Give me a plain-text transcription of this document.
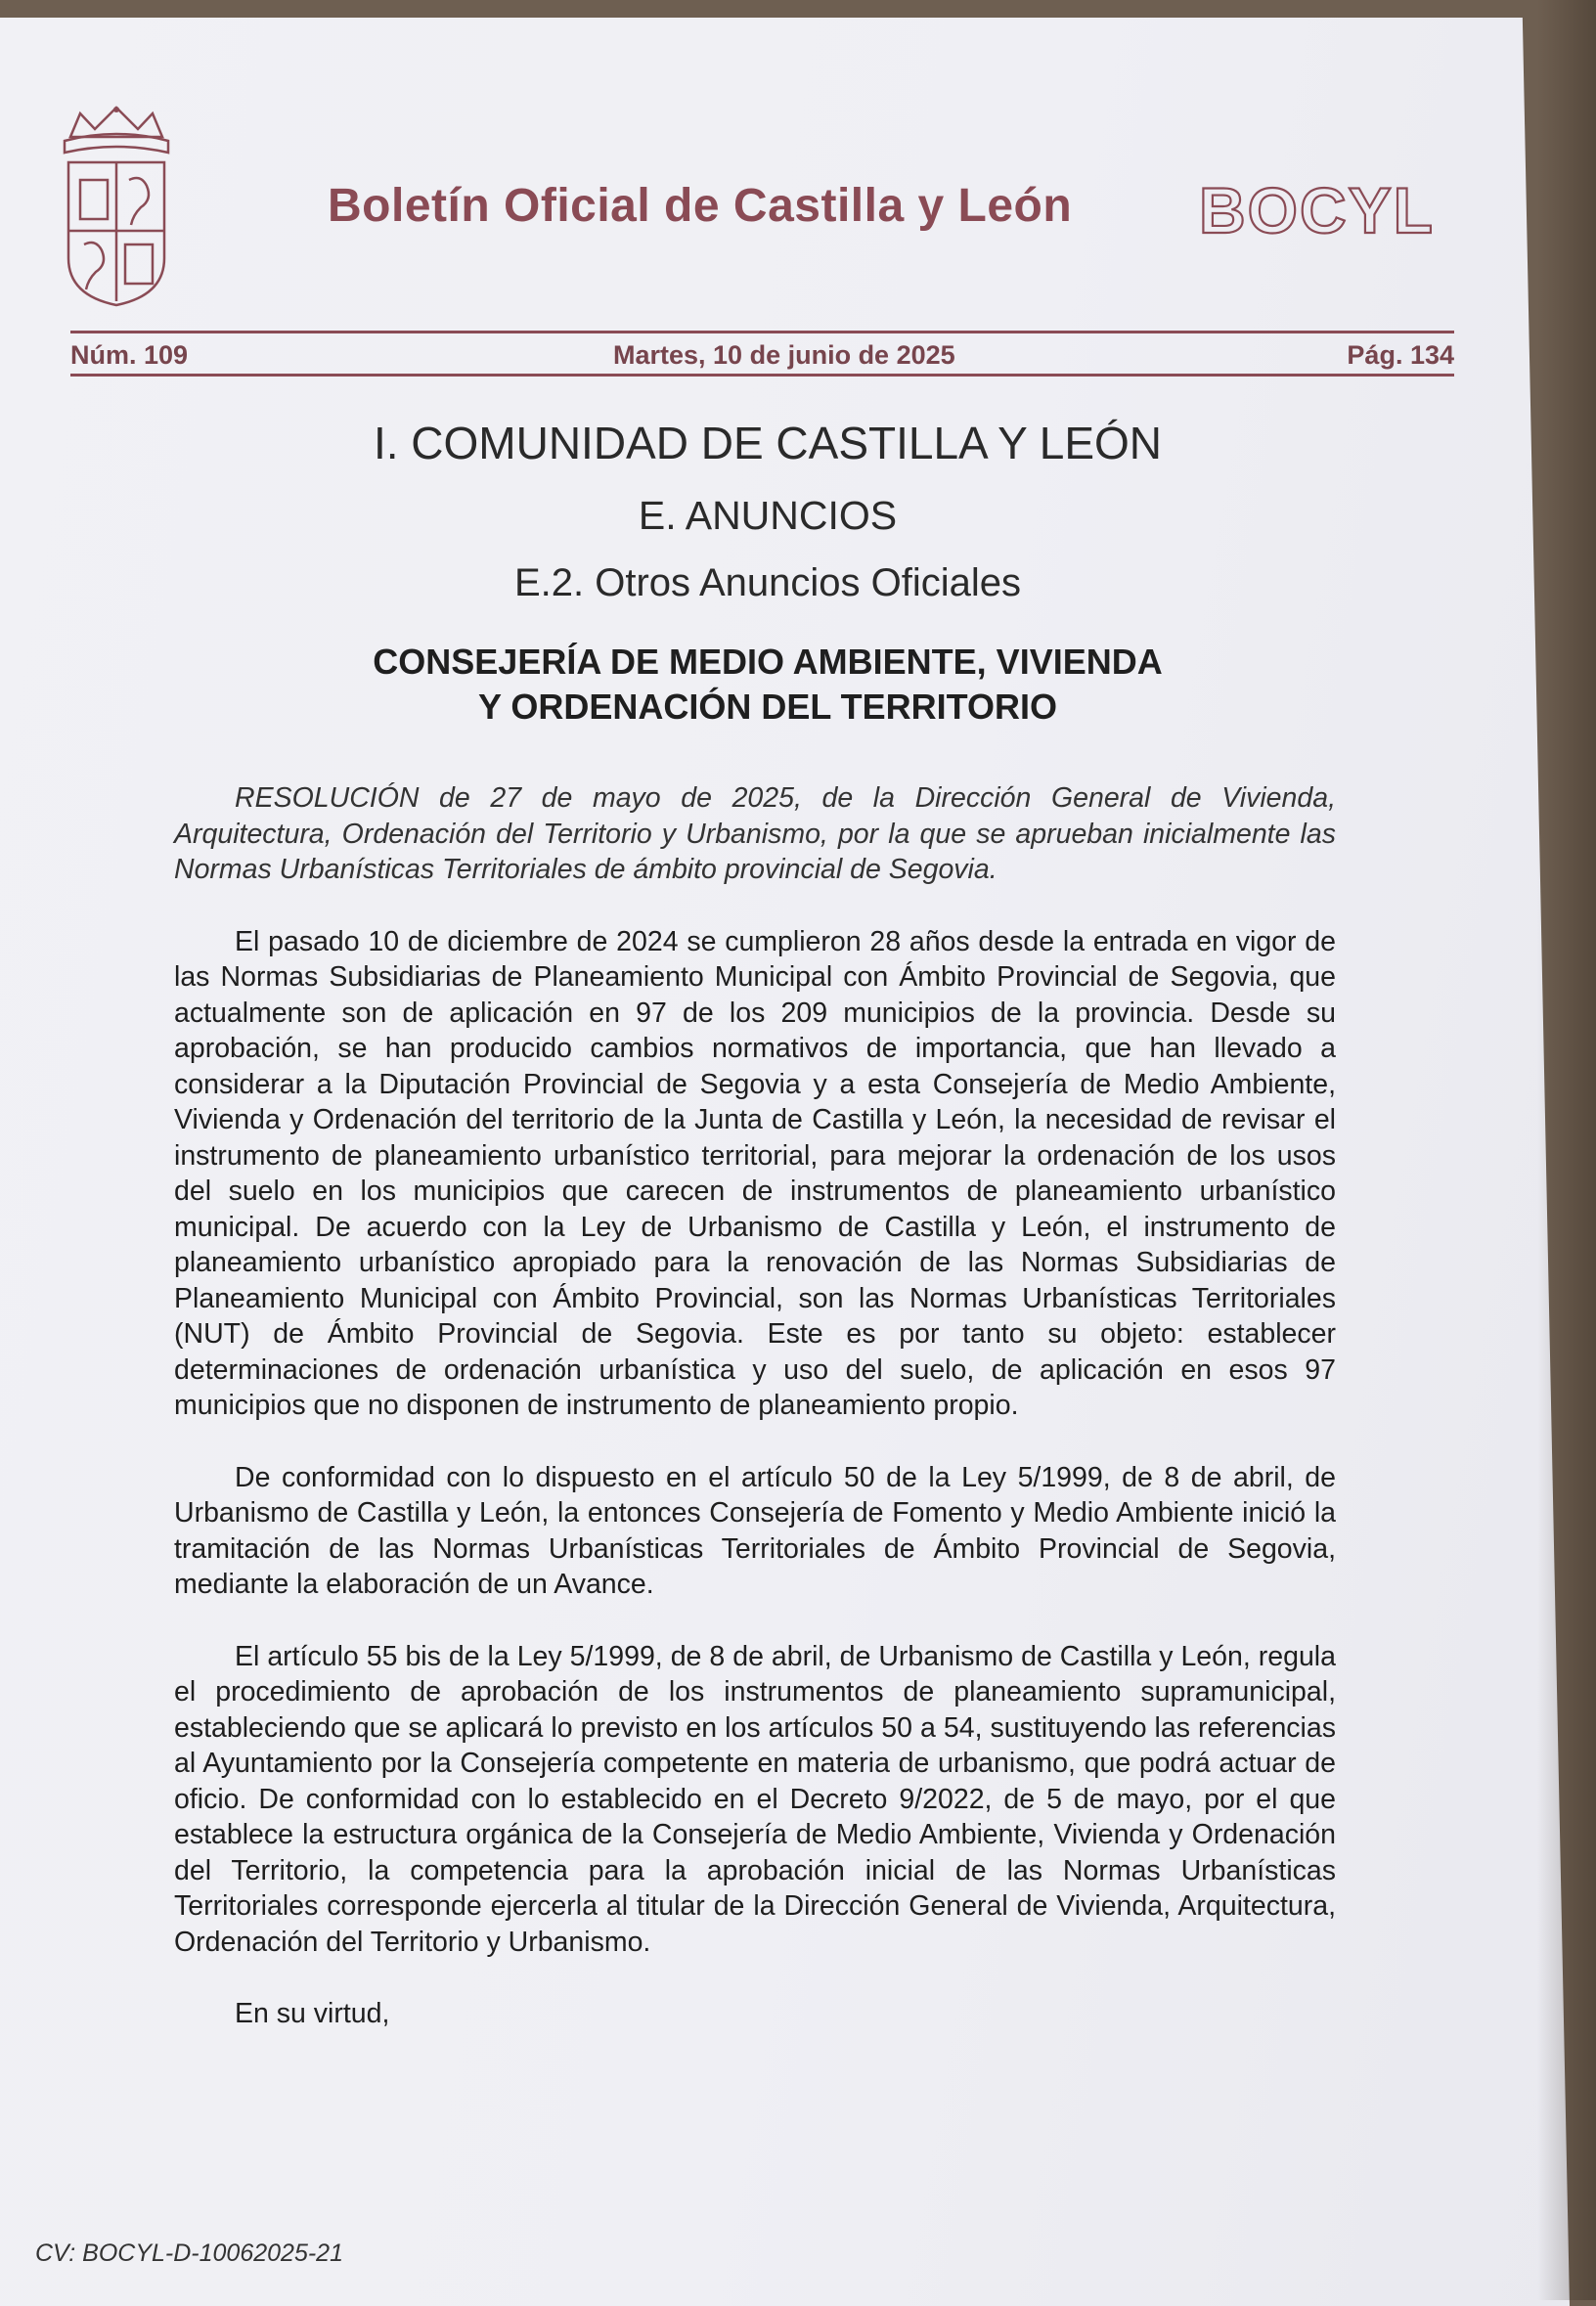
Boletín Oficial de Castilla y León BOCYL
Núm. 109	Martes, 10 de junio de 2025	Pág. 134
I. COMUNIDAD DE CASTILLA Y LEÓN
E. ANUNCIOS
E.2. Otros Anuncios Oficiales
CONSEJERÍA DE MEDIO AMBIENTE, VIVIENDA
Y ORDENACIÓN DEL TERRITORIO

RESOLUCIÓN de 27 de mayo de 2025, de la Dirección General de Vivienda, Arquitectura, Ordenación del Territorio y Urbanismo, por la que se aprueban inicialmente las Normas Urbanísticas Territoriales de ámbito provincial de Segovia.

El pasado 10 de diciembre de 2024 se cumplieron 28 años desde la entrada en vigor de las Normas Subsidiarias de Planeamiento Municipal con Ámbito Provincial de Segovia, que actualmente son de aplicación en 97 de los 209 municipios de la provincia. Desde su aprobación, se han producido cambios normativos de importancia, que han llevado a considerar a la Diputación Provincial de Segovia y a esta Consejería de Medio Ambiente, Vivienda y Ordenación del territorio de la Junta de Castilla y León, la necesidad de revisar el instrumento de planeamiento urbanístico territorial, para mejorar la ordenación de los usos del suelo en los municipios que carecen de instrumentos de planeamiento urbanístico municipal. De acuerdo con la Ley de Urbanismo de Castilla y León, el instrumento de planeamiento urbanístico apropiado para la renovación de las Normas Subsidiarias de Planeamiento Municipal con Ámbito Provincial, son las Normas Urbanísticas Territoriales (NUT) de Ámbito Provincial de Segovia. Este es por tanto su objeto: establecer determinaciones de ordenación urbanística y uso del suelo, de aplicación en esos 97 municipios que no disponen de instrumento de planeamiento propio.

De conformidad con lo dispuesto en el artículo 50 de la Ley 5/1999, de 8 de abril, de Urbanismo de Castilla y León, la entonces Consejería de Fomento y Medio Ambiente inició la tramitación de las Normas Urbanísticas Territoriales de Ámbito Provincial de Segovia, mediante la elaboración de un Avance.

El artículo 55 bis de la Ley 5/1999, de 8 de abril, de Urbanismo de Castilla y León, regula el procedimiento de aprobación de los instrumentos de planeamiento supramunicipal, estableciendo que se aplicará lo previsto en los artículos 50 a 54, sustituyendo las referencias al Ayuntamiento por la Consejería competente en materia de urbanismo, que podrá actuar de oficio. De conformidad con lo establecido en el Decreto 9/2022, de 5 de mayo, por el que establece la estructura orgánica de la Consejería de Medio Ambiente, Vivienda y Ordenación del Territorio, la competencia para la aprobación inicial de las Normas Urbanísticas Territoriales corresponde ejercerla al titular de la Dirección General de Vivienda, Arquitectura, Ordenación del Territorio y Urbanismo.

En su virtud,

CV: BOCYL-D-10062025-21
